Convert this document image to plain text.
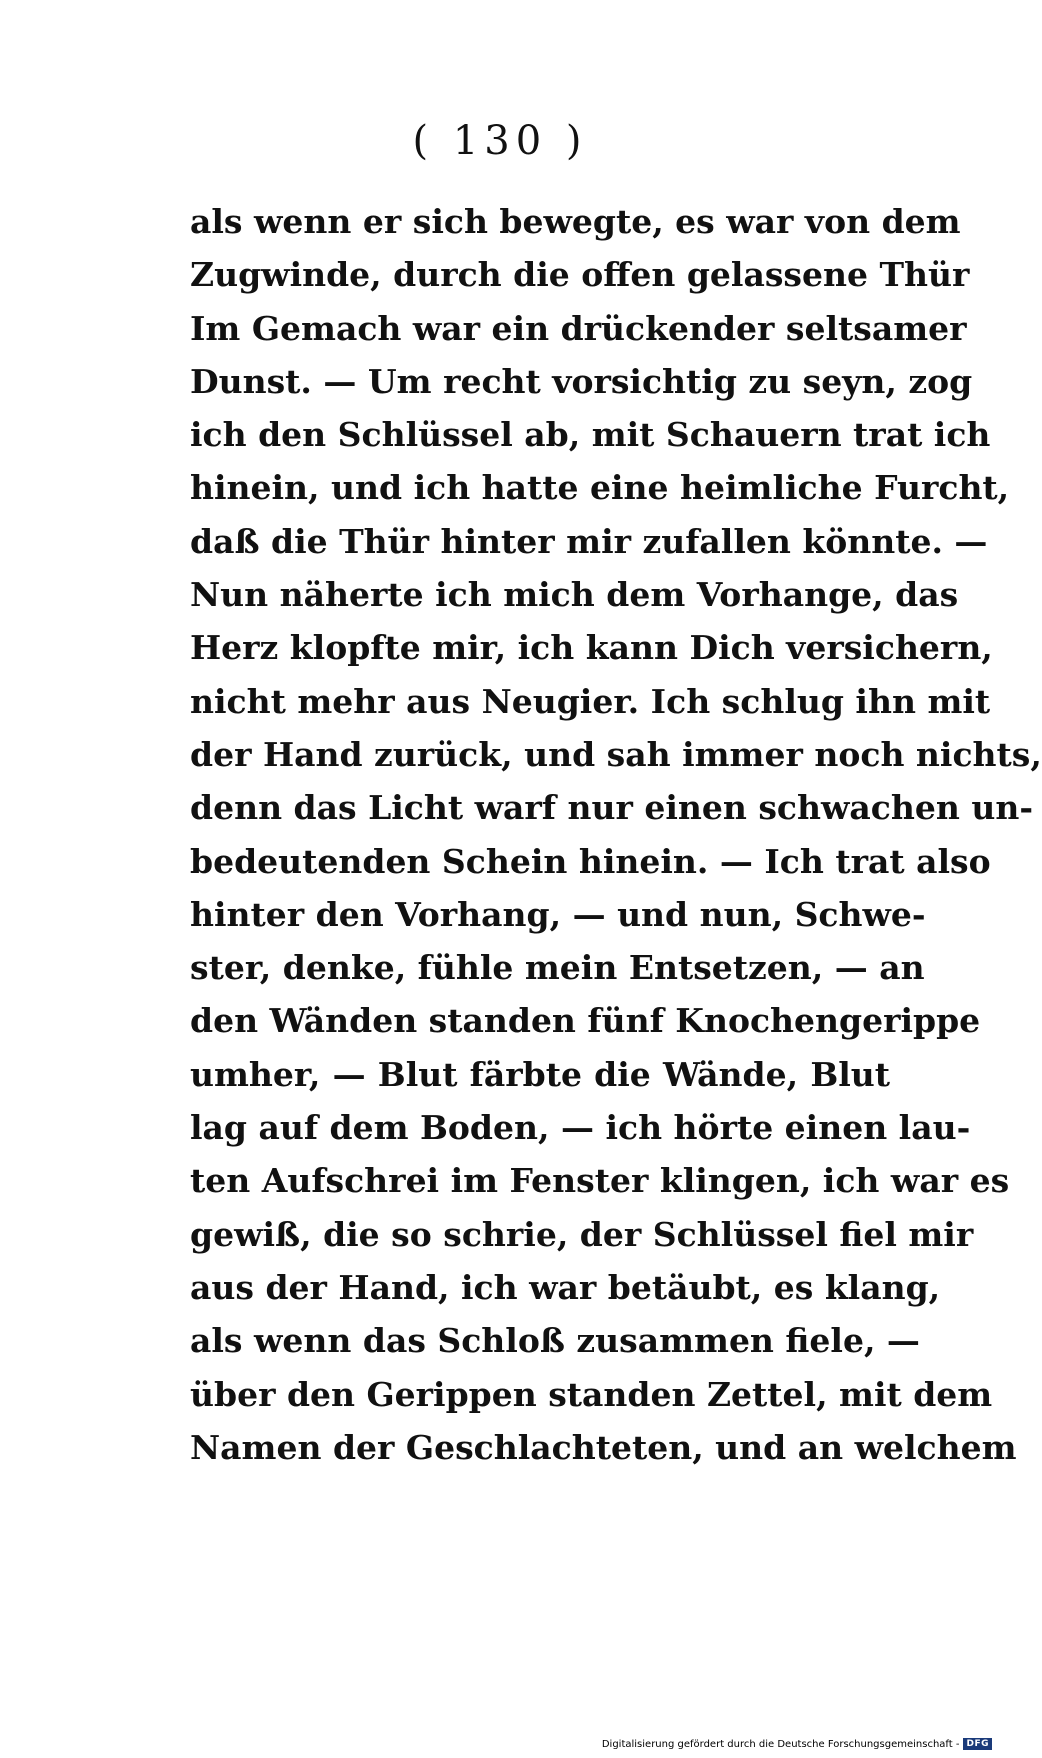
( 130 )
als wenn er sich bewegte, es war von dem
Zugwinde, durch die offen gelassene Thür
Im Gemach war ein drückender seltsamer
Dunst. — Um recht vorsichtig zu seyn, zog
ich den Schlüssel ab, mit Schauern trat ich
hinein, und ich hatte eine heimliche Furcht,
daß die Thür hinter mir zufallen könnte. —
Nun näherte ich mich dem Vorhange, das
Herz klopfte mir, ich kann Dich versichern,
nicht mehr aus Neugier. Ich schlug ihn mit
der Hand zurück, und sah immer noch nichts,
denn das Licht warf nur einen schwachen un-
bedeutenden Schein hinein. — Ich trat also
hinter den Vorhang, — und nun, Schwe-
ster, denke, fühle mein Entsetzen, — an
den Wänden standen fünf Knochengerippe
umher, — Blut färbte die Wände, Blut
lag auf dem Boden, — ich hörte einen lau-
ten Aufschrei im Fenster klingen, ich war es
gewiß, die so schrie, der Schlüssel fiel mir
aus der Hand, ich war betäubt, es klang,
als wenn das Schloß zusammen fiele, —
über den Gerippen standen Zettel, mit dem
Namen der Geschlachteten, und an welchem
Digitalisierung gefördert durch die Deutsche Forschungsgemeinschaft - DFG
